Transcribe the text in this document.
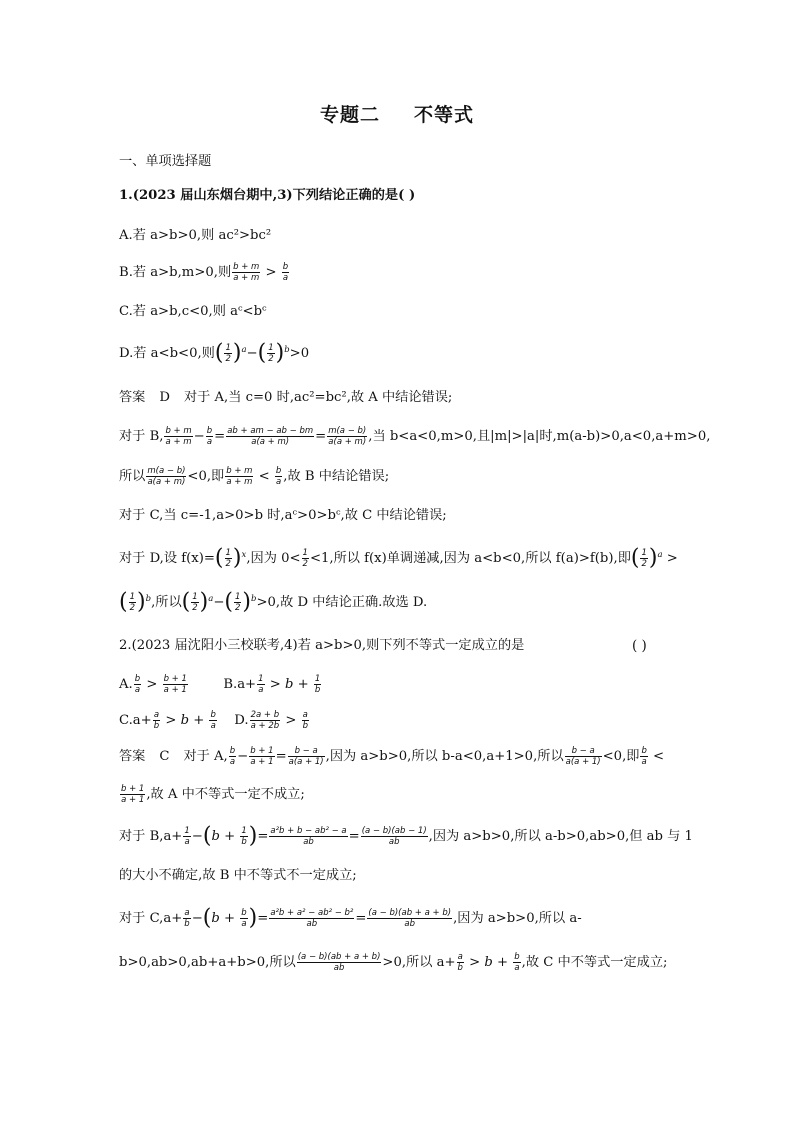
专题二 不等式
一、单项选择题
1.(2023 届山东烟台期中,3)下列结论正确的是( )
A.若 a>b>0,则 ac²>bc²
B.若 a>b,m>0,则 $\frac{b + m}{a + m} > \frac{b}{a}$
C.若 a>b,c<0,则 aᶜ<bᶜ
D.若 a<b<0,则( $\frac{1}{2} )^a-( \frac{1}{2} )^b>0$
答案 D 对于 A,当 c=0 时,ac²=bc²,故 A 中结论错误;
对于 B, $\frac{b + m}{a + m} - \frac{b}{a} = \frac{ab + am - ab - bm}{a(a + m)} = \frac{m(a - b)}{a(a + m)}$ ,当 b<a<0,m>0,且|m|>|a|时,m(a-b)>0,a<0,a+m>0,
所以 $\frac{m(a - b)}{a(a + m)} <0$,即 $\frac{b + m}{a + m} < \frac{b}{a}$ ,故 B 中结论错误;
对于 C,当 c=-1,a>0>b 时,aᶜ>0>bᶜ,故 C 中结论错误;
对于 D,设 $f(x)=( \frac{1}{2} )^x$,因为 $0< \frac{1}{2} <1$,所以 f(x)单调递减,因为 a<b<0,所以 f(a)>f(b),即( $\frac{1}{2} )^a$ >
( $\frac{1}{2} )^b$,所以( $\frac{1}{2} )^a-( \frac{1}{2} )^b>0$,故 D 中结论正确.故选 D.
2.(2023 届沈阳小三校联考,4)若 a>b>0,则下列不等式一定成立的是	( )
A. $\frac{b}{a} > \frac{b + 1}{a + 1}$	$B.a+ \frac{1}{a} > b + \frac{1}{b}$
$C.a+ \frac{a}{b} > b + \frac{b}{a} D$. $\frac{2a + b}{a + 2b} > \frac{a}{b}$
答案 C 对于 A, $\frac{b}{a} - \frac{b + 1}{a + 1} = \frac{b - a}{a(a + 1)}$ ,因为 a>b>0,所以 b-a<0,a+1>0,所以 $\frac{b - a}{a(a + 1)} <0$,即 $\frac{b}{a}$ <
$\frac{b + 1}{a + 1}$ ,故 A 中不等式一定不成立;
对于 $B,a+ \frac{1}{a} -(b + \frac{1}{b}$ )= $\frac{\text{a²b + b − ab² − a}}{ab} = \frac{(a - b)(ab - 1)}{ab}$ ,因为 a>b>0,所以 a-b>0,ab>0,但 ab 与 1
的大小不确定,故 B 中不等式不一定成立;
对于 $C,a+ \frac{a}{b} -(b + \frac{b}{a}$ )= $\frac{\text{a²b + a² − ab² − b²}}{ab} = \frac{(a - b)(ab + a + b)}{ab}$ ,因为 a>b>0,所以 a-
b>0,ab>0,ab+a+b>0,所以 $\frac{(a - b)(ab + a + b)}{ab} >0$,所以 $a+ \frac{a}{b} > b + \frac{b}{a}$ ,故 C 中不等式一定成立;
